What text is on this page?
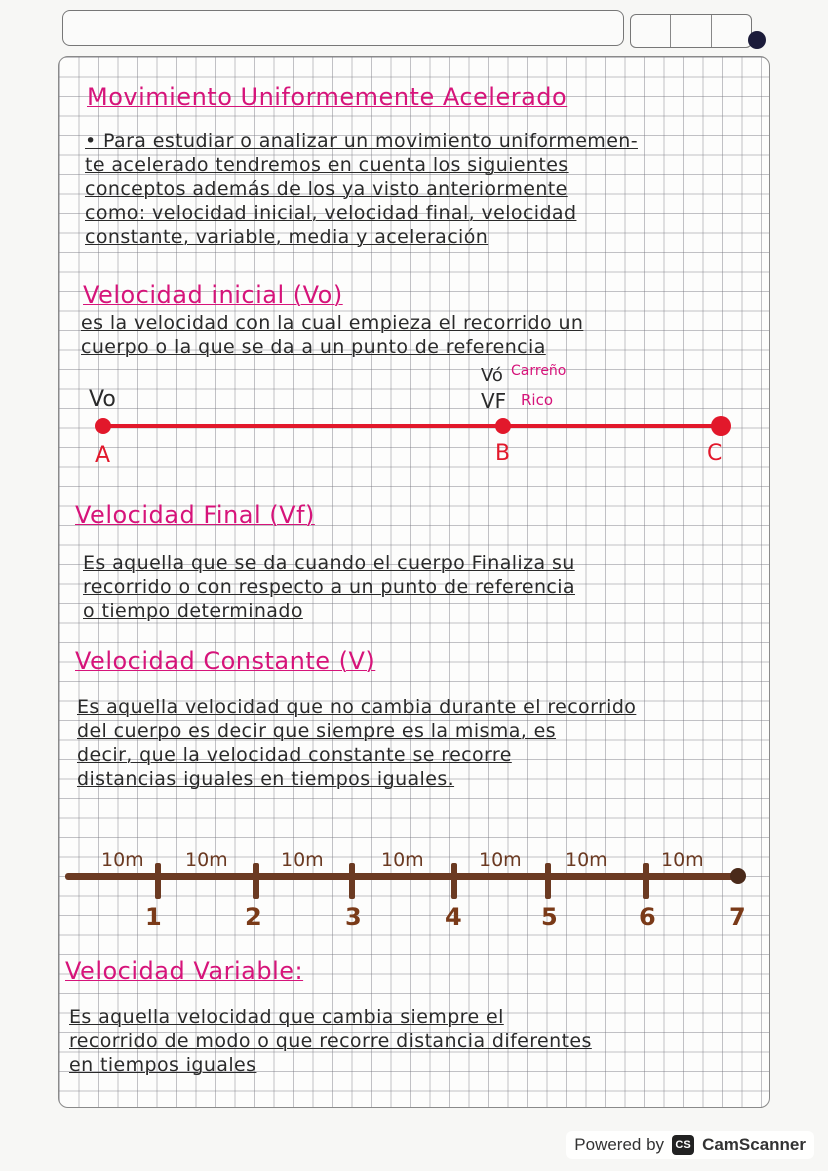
Movimiento Uniformemente Acelerado
• Para estudiar o analizar un movimiento uniformemen-
te acelerado tendremos en cuenta los siguientes
conceptos además de los ya visto anteriormente
como: velocidad inicial, velocidad final, velocidad
constante, variable, media y aceleración
Velocidad inicial (Vo)
es la velocidad con la cual empieza el recorrido un
cuerpo o la que se da a un punto de referencia
Vo
Vó Carreño
VF Rico
A	B	C
Velocidad Final (Vf)
Es aquella que se da cuando el cuerpo Finaliza su
recorrido o con respecto a un punto de referencia
o tiempo determinado
Velocidad Constante (V)
Es aquella velocidad que no cambia durante el recorrido
del cuerpo es decir que siempre es la misma, es
decir, que la velocidad constante se recorre
distancias iguales en tiempos iguales.
10m 10m	10m	10m	10m 10m	10m
1	2	3	4	5	6	7
Velocidad Variable:
Es aquella velocidad que cambia siempre el
recorrido de modo o que recorre distancia diferentes
en tiempos iguales
Powered by	CS CamScanner
